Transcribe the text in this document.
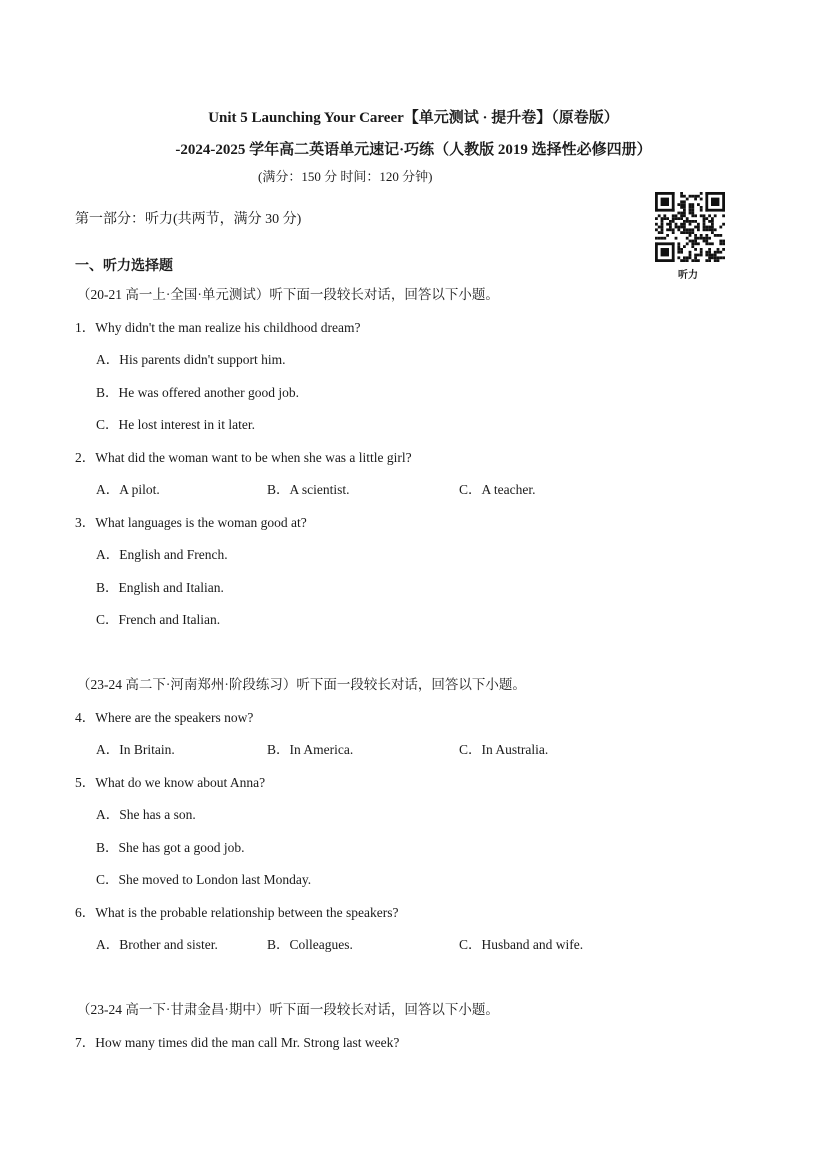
Unit 5 Launching Your Career【单元测试 · 提升卷】（原卷版）
-2024-2025 学年高二英语单元速记·巧练（人教版 2019 选择性必修四册）
(满分：150 分 时间：120 分钟)
听力
第一部分：听力(共两节，满分 30 分)
一、听力选择题
（20-21 高一上·全国·单元测试）听下面一段较长对话，回答以下小题。
1．Why didn't the man realize his childhood dream?
A．His parents didn't support him.
B．He was offered another good job.
C．He lost interest in it later.
2．What did the woman want to be when she was a little girl?
A．A pilot.	B．A scientist.	C．A teacher.
3．What languages is the woman good at?
A．English and French.
B．English and Italian.
C．French and Italian.
（23-24 高二下·河南郑州·阶段练习）听下面一段较长对话，回答以下小题。
4．Where are the speakers now?
A．In Britain.	B．In America.	C．In Australia.
5．What do we know about Anna?
A．She has a son.
B．She has got a good job.
C．She moved to London last Monday.
6．What is the probable relationship between the speakers?
A．Brother and sister.	B．Colleagues.	C．Husband and wife.
（23-24 高一下·甘肃金昌·期中）听下面一段较长对话，回答以下小题。
7．How many times did the man call Mr. Strong last week?
